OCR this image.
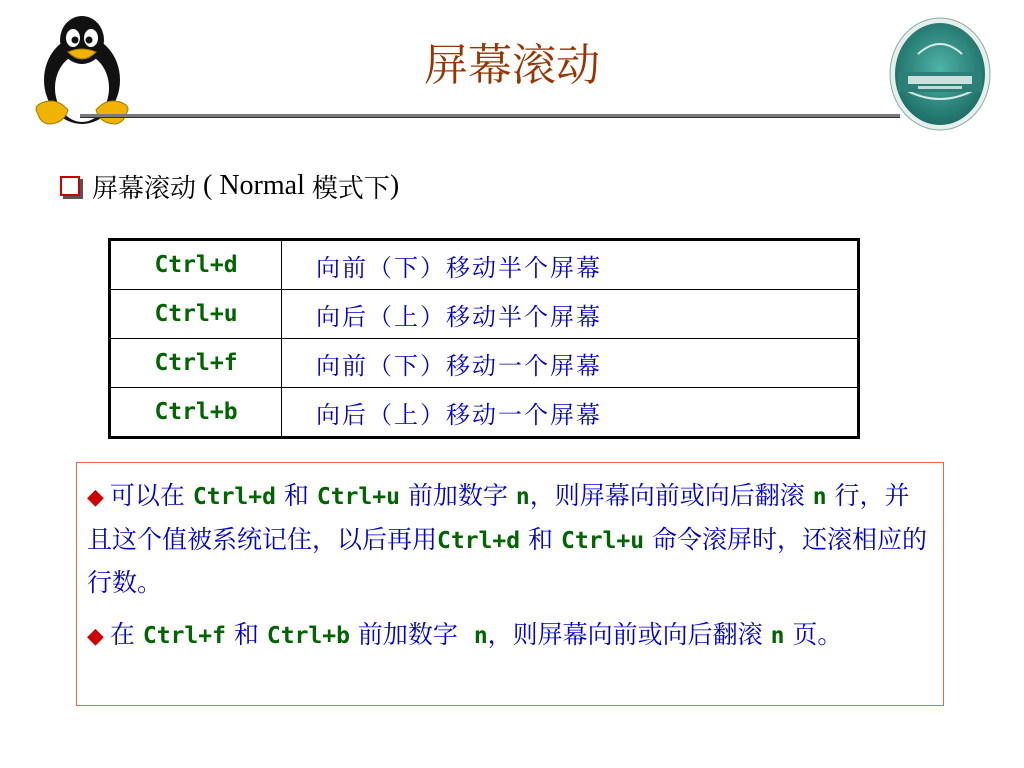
屏幕滚动
屏幕滚动 ( Normal 模式下 )
Ctrl+d	向前（下）移动半个屏幕
Ctrl+u	向后（上）移动半个屏幕
Ctrl+f	向前（下）移动一个屏幕
Ctrl+b	向后（上）移动一个屏幕

◆ 可以在 Ctrl+d 和 Ctrl+u 前加数字 n，则屏幕向前或向后翻滚 n 行，并且这个值被系统记住，以后再用Ctrl+d 和 Ctrl+u 命令滚屏时，还滚相应的行数。

◆ 在 Ctrl+f 和 Ctrl+b 前加数字  n，则屏幕向前或向后翻滚 n 页。
